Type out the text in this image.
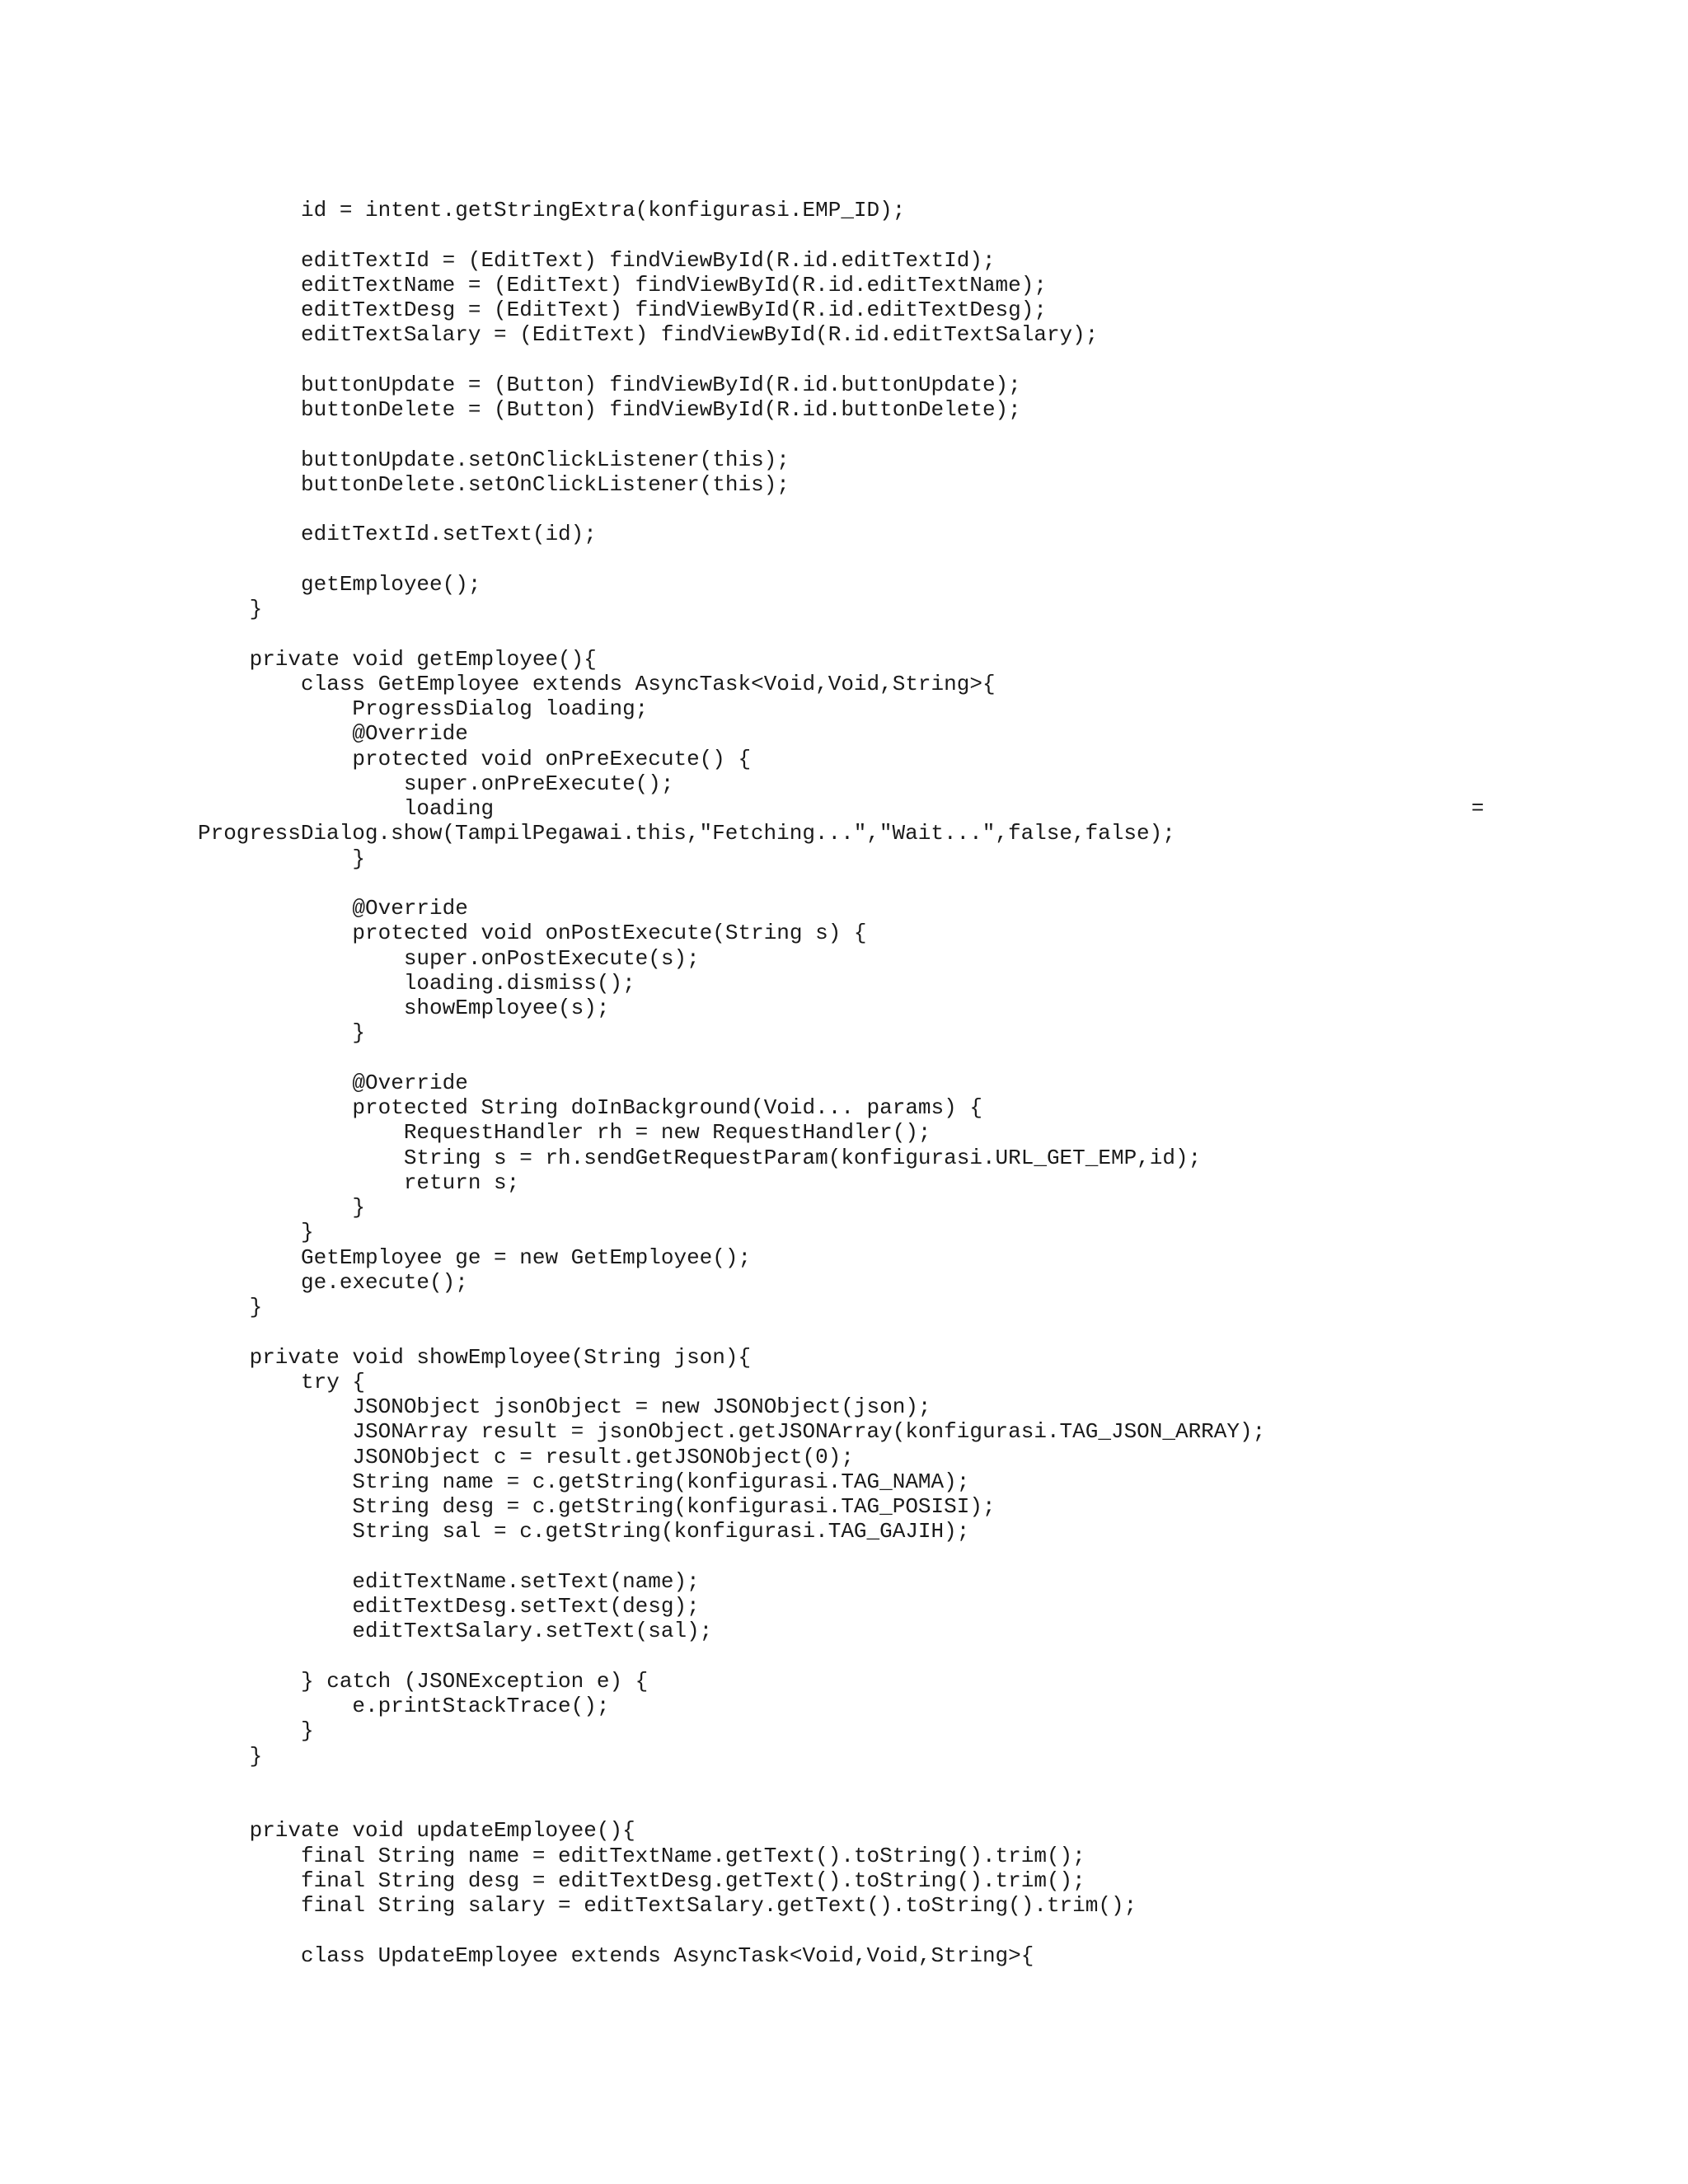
id = intent.getStringExtra(konfigurasi.EMP_ID);
editTextId = (EditText) findViewById(R.id.editTextId);
editTextName = (EditText) findViewById(R.id.editTextName);
editTextDesg = (EditText) findViewById(R.id.editTextDesg);
editTextSalary = (EditText) findViewById(R.id.editTextSalary);
buttonUpdate = (Button) findViewById(R.id.buttonUpdate);
buttonDelete = (Button) findViewById(R.id.buttonDelete);
buttonUpdate.setOnClickListener(this);
buttonDelete.setOnClickListener(this);
editTextId.setText(id);
getEmployee();
}
private void getEmployee(){
class GetEmployee extends AsyncTask<Void,Void,String>{
ProgressDialog loading;
@Override
protected void onPreExecute() {
super.onPreExecute();
loading	=
ProgressDialog.show(TampilPegawai.this,"Fetching...","Wait...",false,false);
}
@Override
protected void onPostExecute(String s) {
super.onPostExecute(s);
loading.dismiss();
showEmployee(s);
}
@Override
protected String doInBackground(Void... params) {
RequestHandler rh = new RequestHandler();
String s = rh.sendGetRequestParam(konfigurasi.URL_GET_EMP,id);
return s;
}
}
GetEmployee ge = new GetEmployee();
ge.execute();
}
private void showEmployee(String json){
try {
JSONObject jsonObject = new JSONObject(json);
JSONArray result = jsonObject.getJSONArray(konfigurasi.TAG_JSON_ARRAY);
JSONObject c = result.getJSONObject(0);
String name = c.getString(konfigurasi.TAG_NAMA);
String desg = c.getString(konfigurasi.TAG_POSISI);
String sal = c.getString(konfigurasi.TAG_GAJIH);
editTextName.setText(name);
editTextDesg.setText(desg);
editTextSalary.setText(sal);
} catch (JSONException e) {
e.printStackTrace();
}
}
private void updateEmployee(){
final String name = editTextName.getText().toString().trim();
final String desg = editTextDesg.getText().toString().trim();
final String salary = editTextSalary.getText().toString().trim();
class UpdateEmployee extends AsyncTask<Void,Void,String>{
